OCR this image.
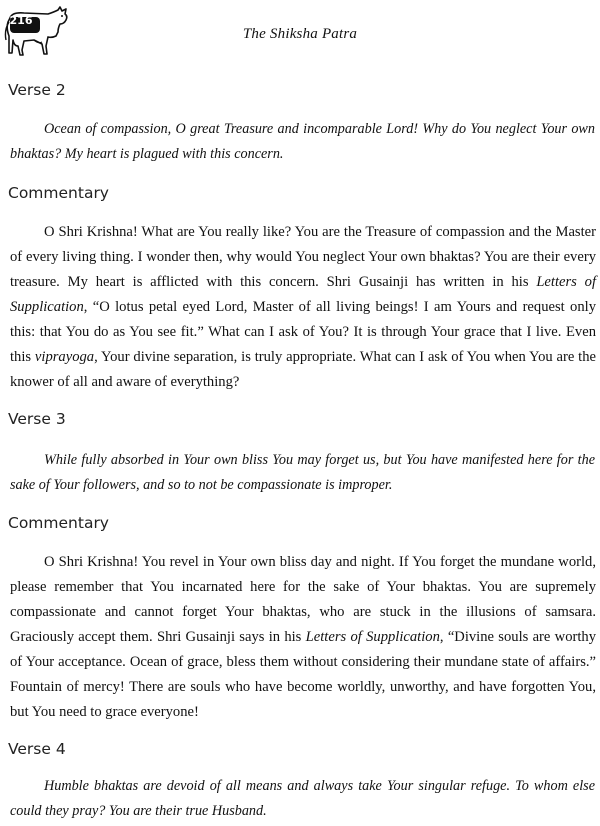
216
The Shiksha Patra
Verse 2
Ocean of compassion, O great Treasure and incomparable Lord! Why do You neglect Your own bhaktas? My heart is plagued with this concern.
Commentary
O Shri Krishna! What are You really like? You are the Treasure of compassion and the Master of every living thing. I wonder then, why would You neglect Your own bhaktas? You are their every treasure. My heart is afflicted with this concern. Shri Gusainji has written in his Letters of Supplication, “O lotus petal eyed Lord, Master of all living beings! I am Yours and request only this: that You do as You see fit.” What can I ask of You? It is through Your grace that I live. Even this viprayoga, Your divine separation, is truly appropriate. What can I ask of You when You are the knower of all and aware of everything?
Verse 3
While fully absorbed in Your own bliss You may forget us, but You have manifested here for the sake of Your followers, and so to not be compassionate is improper.
Commentary
O Shri Krishna! You revel in Your own bliss day and night. If You forget the mundane world, please remember that You incarnated here for the sake of Your bhaktas. You are supremely compassionate and cannot forget Your bhaktas, who are stuck in the illusions of samsara. Graciously accept them. Shri Gusainji says in his Letters of Supplication, “Divine souls are worthy of Your acceptance. Ocean of grace, bless them without considering their mundane state of affairs.” Fountain of mercy! There are souls who have become worldly, unworthy, and have forgotten You, but You need to grace everyone!
Verse 4
Humble bhaktas are devoid of all means and always take Your singular refuge. To whom else could they pray? You are their true Husband.
